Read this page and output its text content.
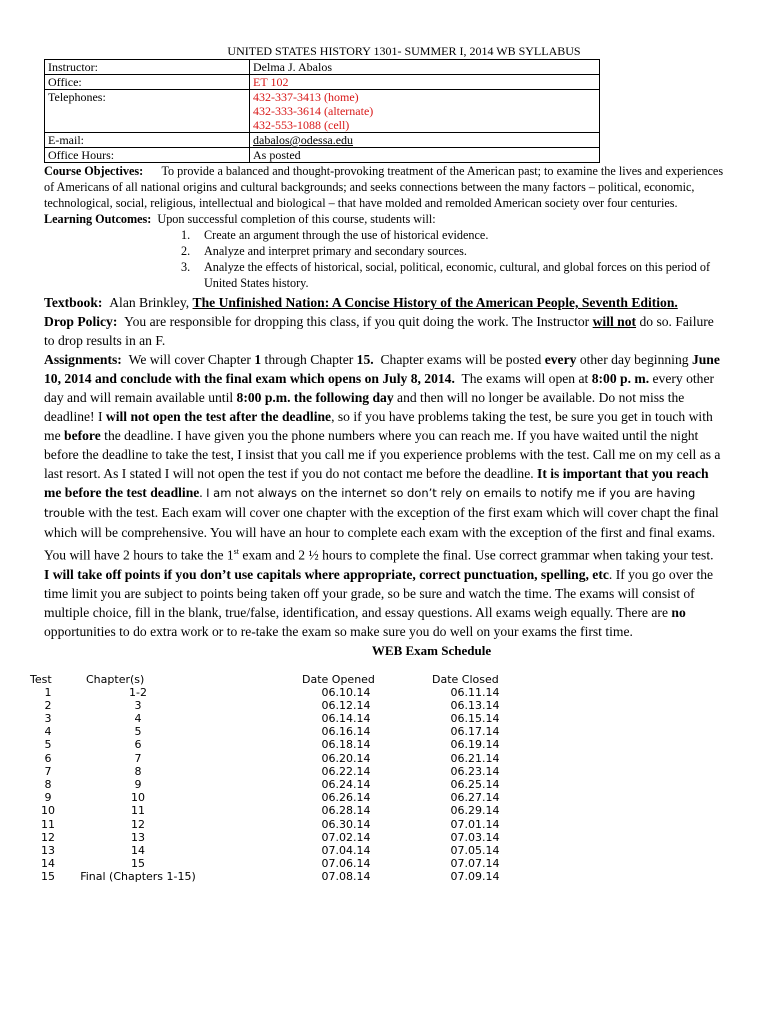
UNITED STATES HISTORY 1301- SUMMER I, 2014 WB SYLLABUS
Instructor:	Delma J. Abalos
Office:	ET 102
Telephones:	432-337-3413 (home)
432-333-3614 (alternate)
432-553-1088 (cell)

E-mail:	dabalos@odessa.edu
Office Hours:	As posted

Course Objectives: To provide a balanced and thought-provoking treatment of the American past; to examine the lives and experiences of Americans of all national origins and cultural backgrounds; and seeks connections between the many factors – political, economic, technological, social, religious, intellectual and biological – that have molded and remolded American society over four centuries.

Learning Outcomes: Upon successful completion of this course, students will:

1. Create an argument through the use of historical evidence.
2. Analyze and interpret primary and secondary sources.
3. Analyze the effects of historical, social, political, economic, cultural, and global forces on this period of United States history.

Textbook: Alan Brinkley, The Unfinished Nation: A Concise History of the American People, Seventh Edition.

Drop Policy: You are responsible for dropping this class, if you quit doing the work. The Instructor will not do so. Failure to drop results in an F.

Assignments: We will cover Chapter 1 through Chapter 15. Chapter exams will be posted every other day beginning June 10, 2014 and conclude with the final exam which opens on July 8, 2014. The exams will open at 8:00 p. m. every other day and will remain available until 8:00 p.m. the following day and then will no longer be available. Do not miss the deadline! I will not open the test after the deadline, so if you have problems taking the test, be sure you get in touch with me before the deadline. I have given you the phone numbers where you can reach me. If you have waited until the night before the deadline to take the test, I insist that you call me if you experience problems with the test. Call me on my cell as a last resort. As I stated I will not open the test if you do not contact me before the deadline. It is important that you reach me before the test deadline. I am not always on the internet so don’t rely on emails to notify me if you are having trouble with the test. Each exam will cover one chapter with the exception of the first exam which will cover chapt the final which will be comprehensive. You will have an hour to complete each exam with the exception of the first and final exams. You will have 2 hours to take the 1st exam and 2 ½ hours to complete the final. Use correct grammar when taking your test.  I will take off points if you don’t use capitals where appropriate, correct punctuation, spelling, etc. If you go over the time limit you are subject to points being taken off your grade, so be sure and watch the time. The exams will consist of multiple choice, fill in the blank, true/false, identification, and essay questions. All exams weigh equally. There are no opportunities to do extra work or to re-take the exam so make sure you do well on your exams the first time.

WEB Exam Schedule
Test	Chapter(s)	Date Opened	Date Closed
1	1-2	06.10.14	06.11.14
2	3	06.12.14	06.13.14
3	4	06.14.14	06.15.14
4	5	06.16.14	06.17.14
5	6	06.18.14	06.19.14
6	7	06.20.14	06.21.14
7	8	06.22.14	06.23.14
8	9	06.24.14	06.25.14
9	10	06.26.14	06.27.14
10	11	06.28.14	06.29.14
11	12	06.30.14	07.01.14
12	13	07.02.14	07.03.14
13	14	07.04.14	07.05.14
14	15	07.06.14	07.07.14
15	Final (Chapters 1-15)	07.08.14	07.09.14
